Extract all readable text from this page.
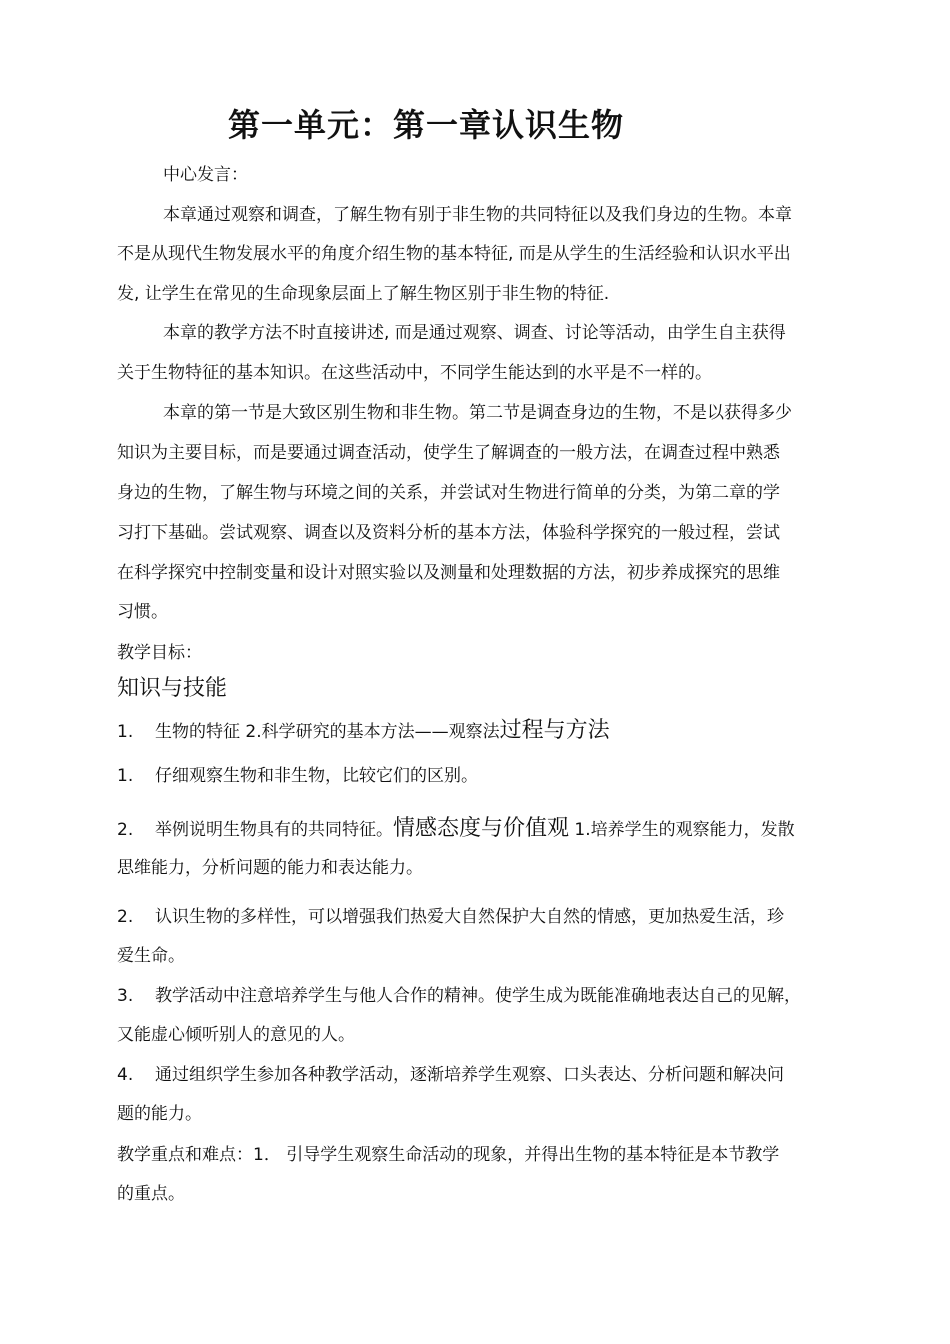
第一单元：第一章认识生物
中心发言：
本章通过观察和调查，了解生物有别于非生物的共同特征以及我们身边的生物。本章
不是从现代生物发展水平的角度介绍生物的基本特征, 而是从学生的生活经验和认识水平出
发, 让学生在常见的生命现象层面上了解生物区别于非生物的特征.
本章的教学方法不时直接讲述, 而是通过观察、调查、讨论等活动，由学生自主获得
关于生物特征的基本知识。在这些活动中，不同学生能达到的水平是不一样的。
本章的第一节是大致区别生物和非生物。第二节是调查身边的生物，不是以获得多少
知识为主要目标，而是要通过调查活动，使学生了解调查的一般方法，在调查过程中熟悉
身边的生物，了解生物与环境之间的关系，并尝试对生物进行简单的分类，为第二章的学
习打下基础。尝试观察、调查以及资料分析的基本方法，体验科学探究的一般过程，尝试
在科学探究中控制变量和设计对照实验以及测量和处理数据的方法，初步养成探究的思维
习惯。
教学目标：
知识与技能
1. 生物的特征 2.科学研究的基本方法——观察法过程与方法
1. 仔细观察生物和非生物，比较它们的区别。
2. 举例说明生物具有的共同特征。情感态度与价值观 1.培养学生的观察能力，发散
思维能力，分析问题的能力和表达能力。
2. 认识生物的多样性，可以增强我们热爱大自然保护大自然的情感，更加热爱生活，珍
爱生命。
3. 教学活动中注意培养学生与他人合作的精神。使学生成为既能准确地表达自己的见解，
又能虚心倾听别人的意见的人。
4. 通过组织学生参加各种教学活动，逐渐培养学生观察、口头表达、分析问题和解决问
题的能力。
教学重点和难点：1． 引导学生观察生命活动的现象，并得出生物的基本特征是本节教学
的重点。
